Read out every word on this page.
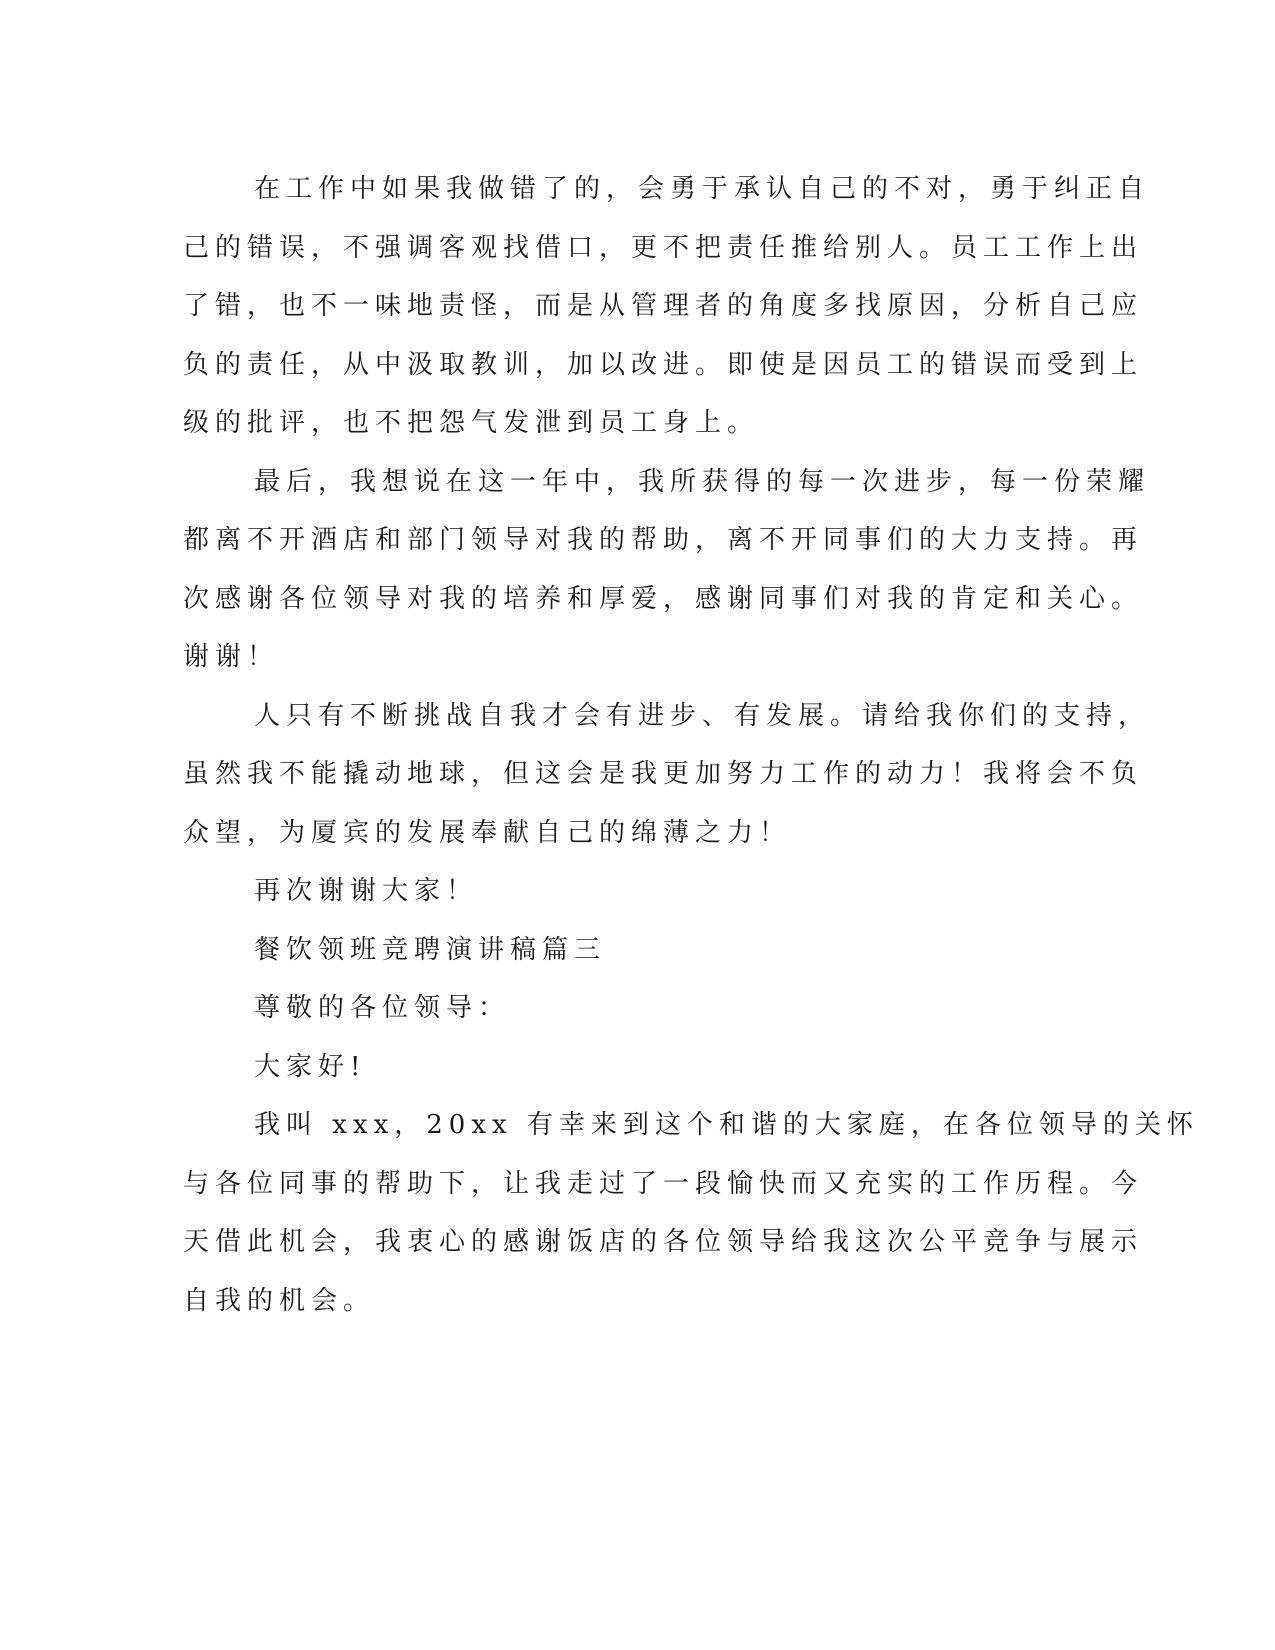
在工作中如果我做错了的，会勇于承认自己的不对，勇于纠正自

己的错误，不强调客观找借口，更不把责任推给别人。员工工作上出

了错，也不一味地责怪，而是从管理者的角度多找原因，分析自己应

负的责任，从中汲取教训，加以改进。即使是因员工的错误而受到上

级的批评，也不把怨气发泄到员工身上。

最后，我想说在这一年中，我所获得的每一次进步，每一份荣耀

都离不开酒店和部门领导对我的帮助，离不开同事们的大力支持。再

次感谢各位领导对我的培养和厚爱，感谢同事们对我的肯定和关心。

谢谢！

人只有不断挑战自我才会有进步、有发展。请给我你们的支持，

虽然我不能撬动地球，但这会是我更加努力工作的动力！我将会不负

众望，为厦宾的发展奉献自己的绵薄之力！

再次谢谢大家！

餐饮领班竞聘演讲稿篇三

尊敬的各位领导：

大家好!

我叫 xxx，20xx 有幸来到这个和谐的大家庭，在各位领导的关怀

与各位同事的帮助下，让我走过了一段愉快而又充实的工作历程。今

天借此机会，我衷心的感谢饭店的各位领导给我这次公平竞争与展示

自我的机会。
